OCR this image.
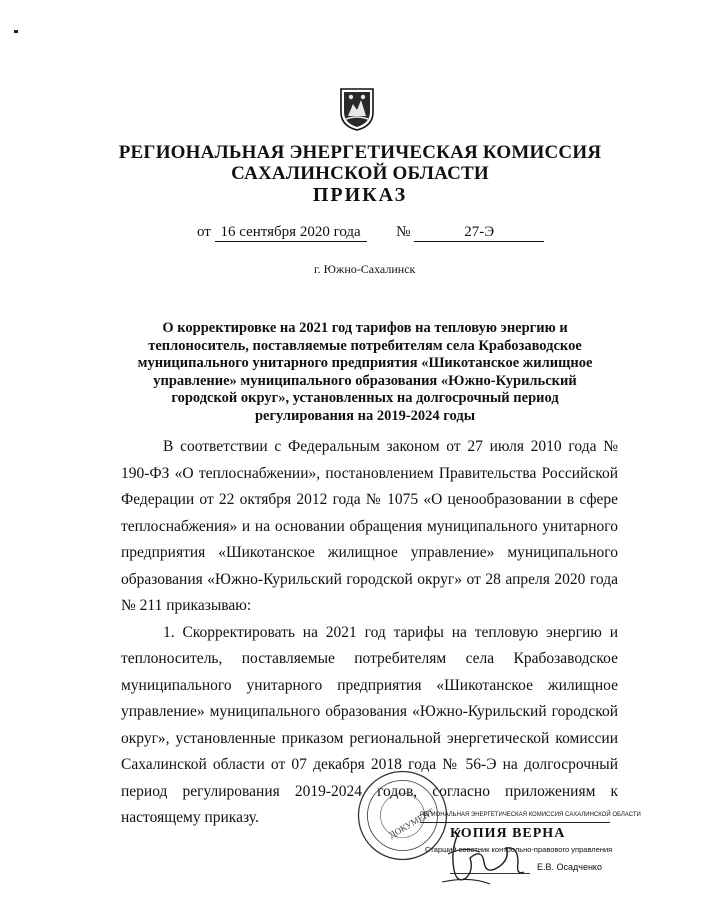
РЕГИОНАЛЬНАЯ ЭНЕРГЕТИЧЕСКАЯ КОМИССИЯ
САХАЛИНСКОЙ ОБЛАСТИ
ПРИКАЗ
от 16 сентября 2020 года №	27-Э
г. Южно-Сахалинск
О корректировке на 2021 год тарифов на тепловую энергию и теплоноситель, поставляемые потребителям села Крабозаводское муниципального унитарного предприятия «Шикотанское жилищное управление» муниципального образования «Южно-Курильский городской округ», установленных на долгосрочный период регулирования на 2019-2024 годы

В соответствии с Федеральным законом от 27 июля 2010 года № 190-ФЗ «О теплоснабжении», постановлением Правительства Российской Федерации от 22 октября 2012 года № 1075 «О ценообразовании в сфере теплоснабжения» и на основании обращения муниципального унитарного предприятия «Шикотанское жилищное управление» муниципального образования «Южно-Курильский городской округ» от 28 апреля 2020 года № 211 приказываю:

1. Скорректировать на 2021 год тарифы на тепловую энергию и теплоноситель, поставляемые потребителям села Крабозаводское муниципального унитарного предприятия «Шикотанское жилищное управление» муниципального образования «Южно-Курильский городской округ», установленные приказом региональной энергетической комиссии Сахалинской области от 07 декабря 2018 года № 56-Э на долгосрочный период регулирования 2019-2024 годов, согласно приложениям к настоящему приказу.	ДОКУМЕНТ
РЕГИОНАЛЬНАЯ ЭНЕРГЕТИЧЕСКАЯ КОМИССИЯ САХАЛИНСКОЙ ОБЛАСТИ
КОПИЯ ВЕРНА
Старший советник контрольно-правового управления
Е.В. Осадченко
